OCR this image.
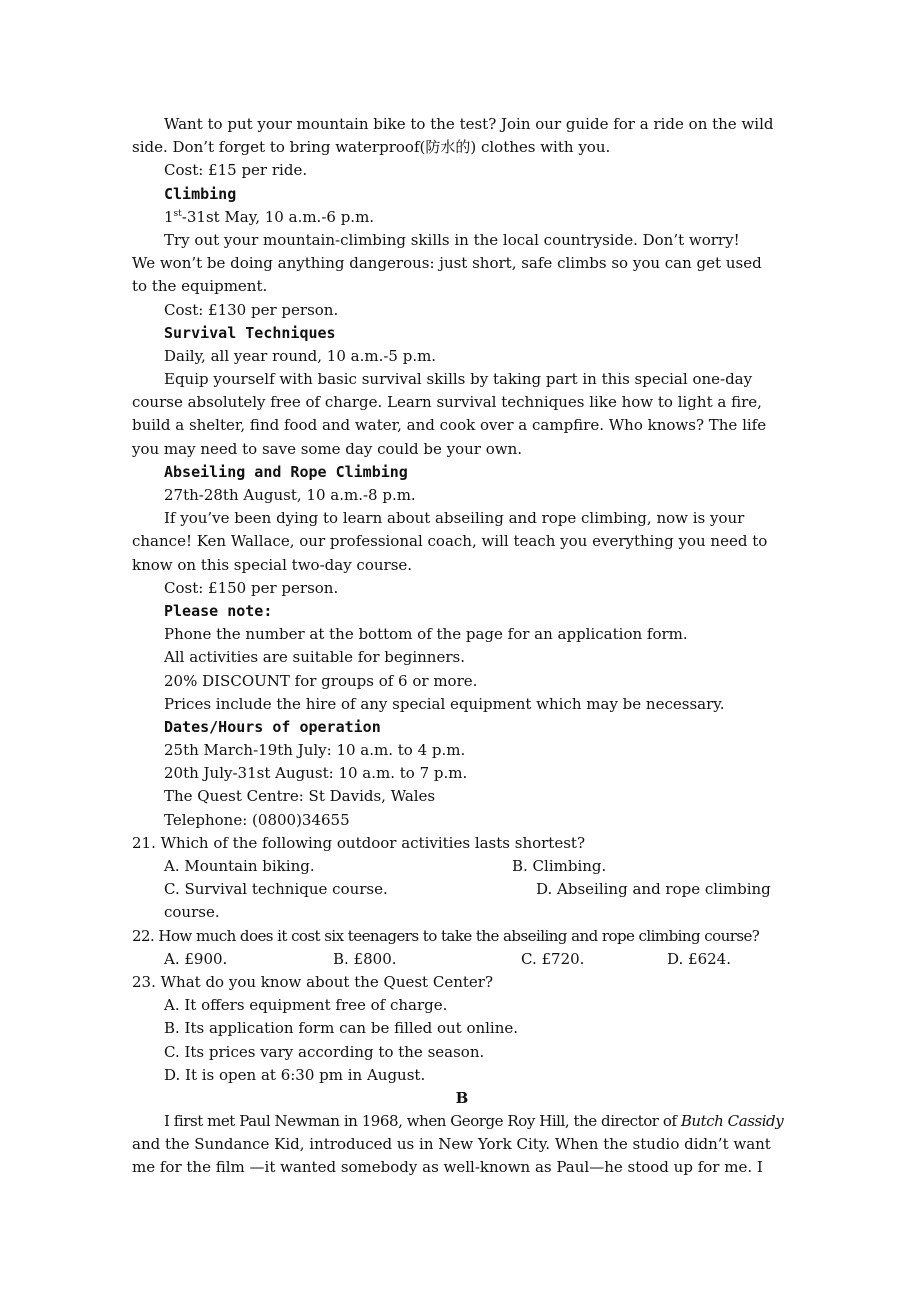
Want to put your mountain bike to the test? Join our guide for a ride on the wild
side. Don’t forget to bring waterproof(防水的) clothes with you.
Cost: £15 per ride.
Climbing
1st-31st May, 10 a.m.-6 p.m.
Try out your mountain-climbing skills in the local countryside. Don’t worry!
We won’t be doing anything dangerous: just short, safe climbs so you can get used
to the equipment.
Cost: £130 per person.
Survival Techniques
Daily, all year round, 10 a.m.-5 p.m.
Equip yourself with basic survival skills by taking part in this special one-day
course absolutely free of charge. Learn survival techniques like how to light a fire,
build a shelter, find food and water, and cook over a campfire. Who knows? The life
you may need to save some day could be your own.
Abseiling and Rope Climbing
27th-28th August, 10 a.m.-8 p.m.
If you’ve been dying to learn about abseiling and rope climbing, now is your
chance! Ken Wallace, our professional coach, will teach you everything you need to
know on this special two-day course.
Cost: £150 per person.
Please note:
Phone the number at the bottom of the page for an application form.
All activities are suitable for beginners.
20% DISCOUNT for groups of 6 or more.
Prices include the hire of any special equipment which may be necessary.
Dates/Hours of operation
25th March-19th July: 10 a.m. to 4 p.m.
20th July-31st August: 10 a.m. to 7 p.m.
The Quest Centre: St Davids, Wales
Telephone: (0800)34655
21. Which of the following outdoor activities lasts shortest?
A. Mountain biking.	B. Climbing.
C. Survival technique course.	D. Abseiling and rope climbing
course.
22. How much does it cost six teenagers to take the abseiling and rope climbing course?
A. £900.	B. £800.	C. £720.	D. £624.
23. What do you know about the Quest Center?
A. It offers equipment free of charge.
B. Its application form can be filled out online.
C. Its prices vary according to the season.
D. It is open at 6:30 pm in August.
B
I first met Paul Newman in 1968, when George Roy Hill, the director of Butch Cassidy
and the Sundance Kid, introduced us in New York City. When the studio didn’t want
me for the film —it wanted somebody as well-known as Paul—he stood up for me. I
